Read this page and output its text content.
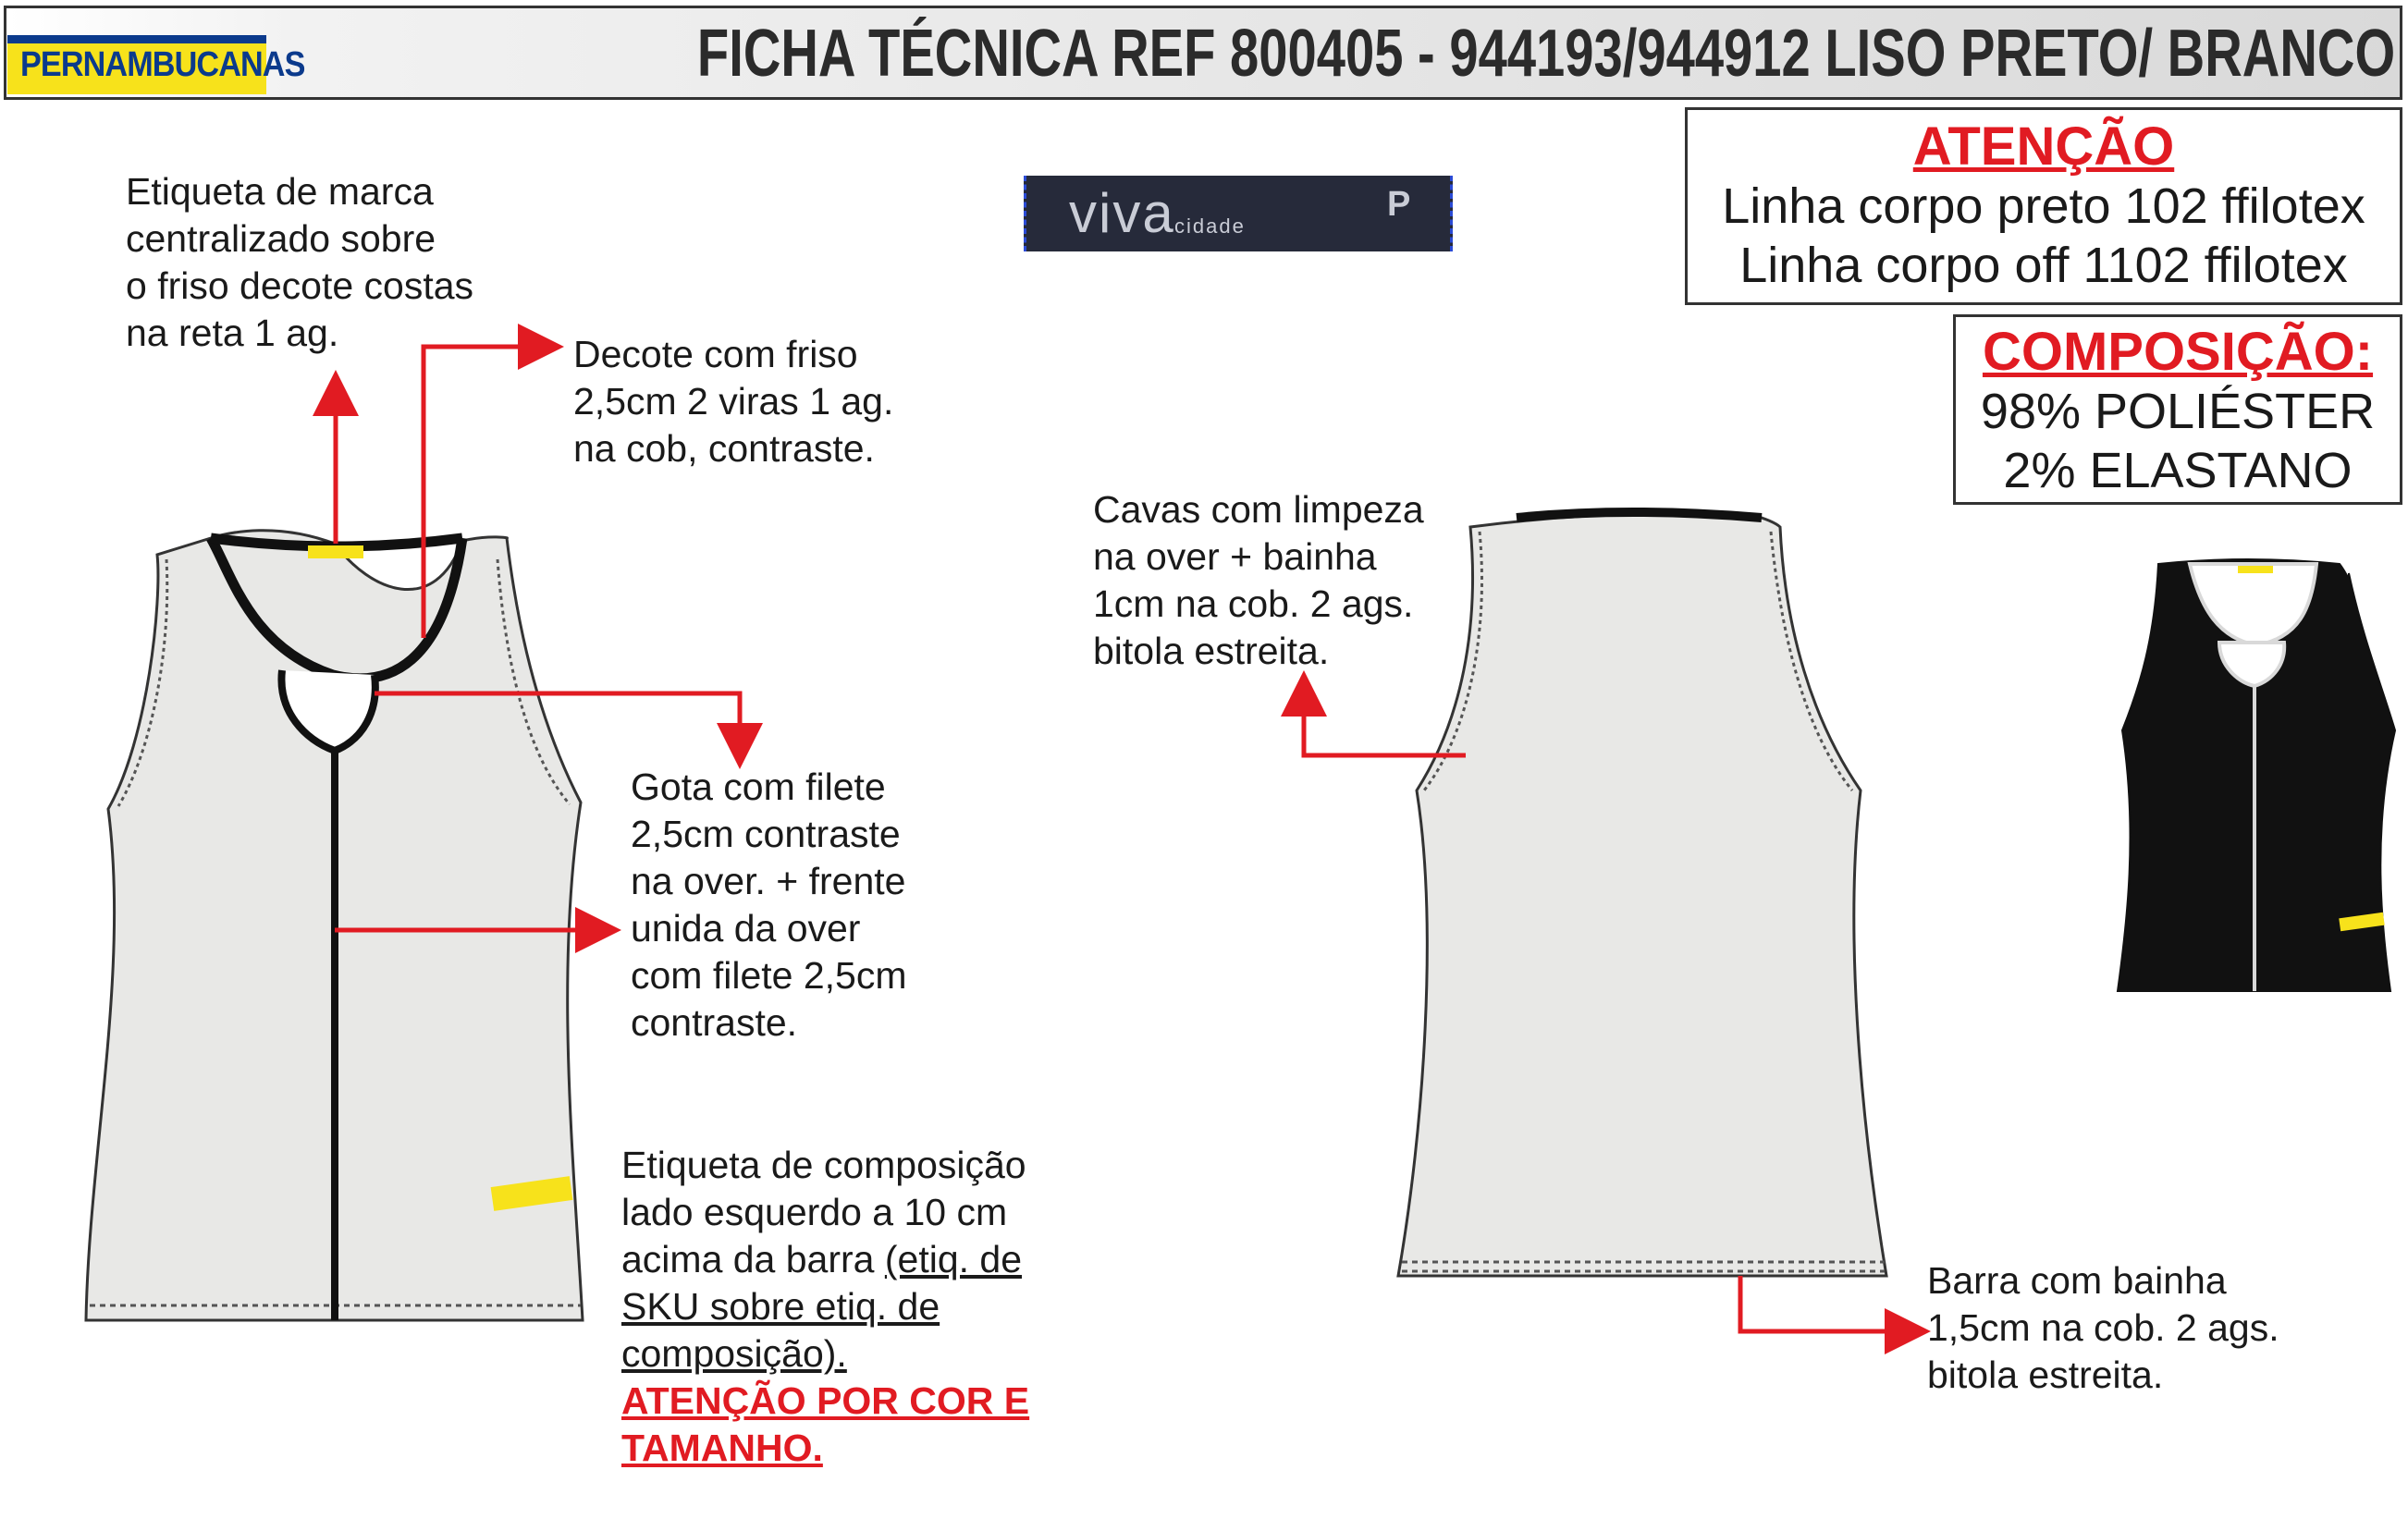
PERNAMBUCANAS	FICHA TÉCNICA REF 800405 - 944193/944912 LISO PRETO/ BRANCO
ATENÇÃO
Linha corpo preto 102 ffilotex
Linha corpo off 1102 ffilotex
COMPOSIÇÃO:
98% POLIÉSTER
2% ELASTANO
viva cidade
P
Etiqueta de marca
centralizado sobre
o friso decote costas
na reta 1 ag.	Decote com friso
2,5cm 2 viras 1 ag.
na cob, contraste.
Gota com filete
2,5cm contraste
na over. + frente
unida da over
com filete 2,5cm
contraste.

Etiqueta de composição
lado esquerdo a 10 cm
acima da barra (etiq. de
SKU sobre etiq. de
composição).

ATENÇÃO POR COR E
TAMANHO.

Cavas com limpeza
na over + bainha
1cm na cob. 2 ags.
bitola estreita.
Barra com bainha
1,5cm na cob. 2 ags.
bitola estreita.
